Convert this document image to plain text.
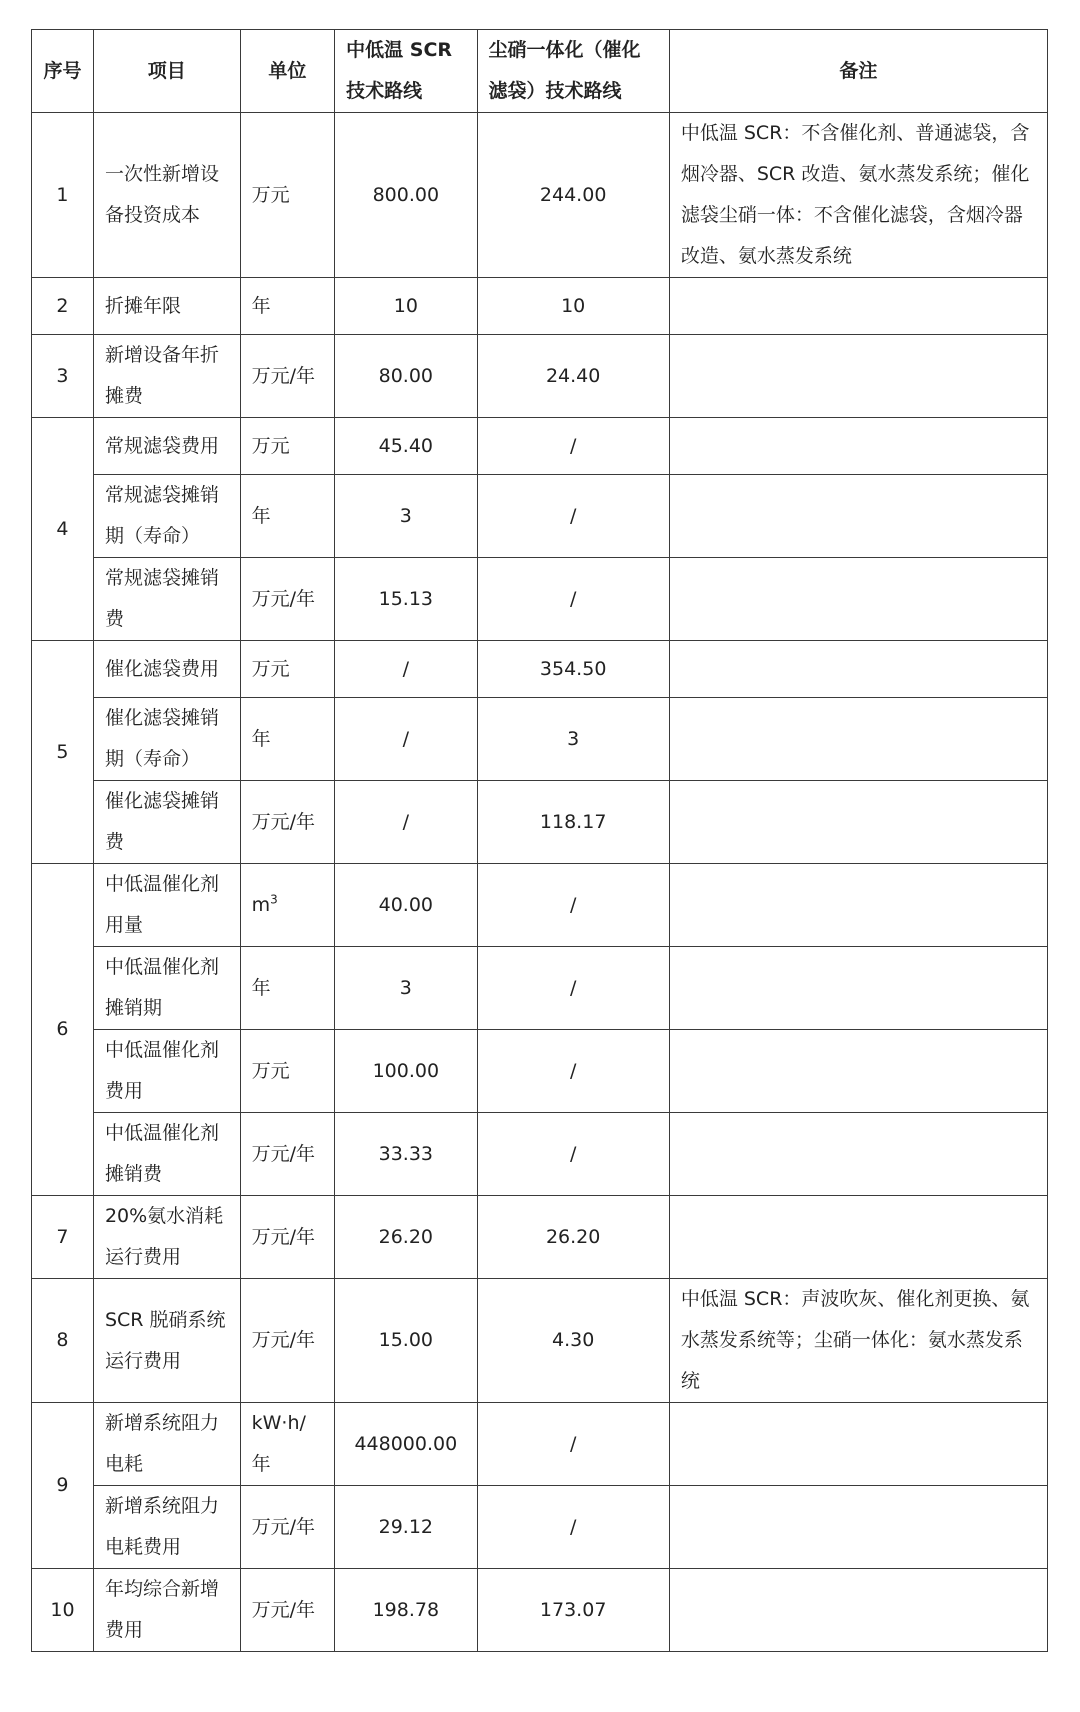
序号	项目	单位	中低温 SCR 技术路线	尘硝一体化（催化滤袋）技术路线	备注
1	一次性新增设备投资成本	万元	800.00	244.00	中低温 SCR：不含催化剂、普通滤袋，含烟冷器、SCR 改造、氨水蒸发系统；催化滤袋尘硝一体：不含催化滤袋，含烟冷器改造、氨水蒸发系统
2	折摊年限	年	10	10	
3	新增设备年折摊费	万元/年	80.00	24.40	
4	常规滤袋费用	万元	45.40	/	
	常规滤袋摊销期（寿命）	年	3	/	
	常规滤袋摊销费	万元/年	15.13	/	
5	催化滤袋费用	万元	/	354.50	
	催化滤袋摊销期（寿命）	年	/	3	
	催化滤袋摊销费	万元/年	/	118.17	
6	中低温催化剂用量	$m^3$	40.00	/	
	中低温催化剂摊销期	年	3	/	
	中低温催化剂费用	万元	100.00	/	
	中低温催化剂摊销费	万元/年	33.33	/	
7	20%氨水消耗运行费用	万元/年	26.20	26.20	
8	SCR 脱硝系统运行费用	万元/年	15.00	4.30	中低温 SCR：声波吹灰、催化剂更换、氨水蒸发系统等；尘硝一体化：氨水蒸发系统
9	新增系统阻力电耗	kW·h/年	448000.00	/	
	新增系统阻力电耗费用	万元/年	29.12	/	
10	年均综合新增费用	万元/年	198.78	173.07	
